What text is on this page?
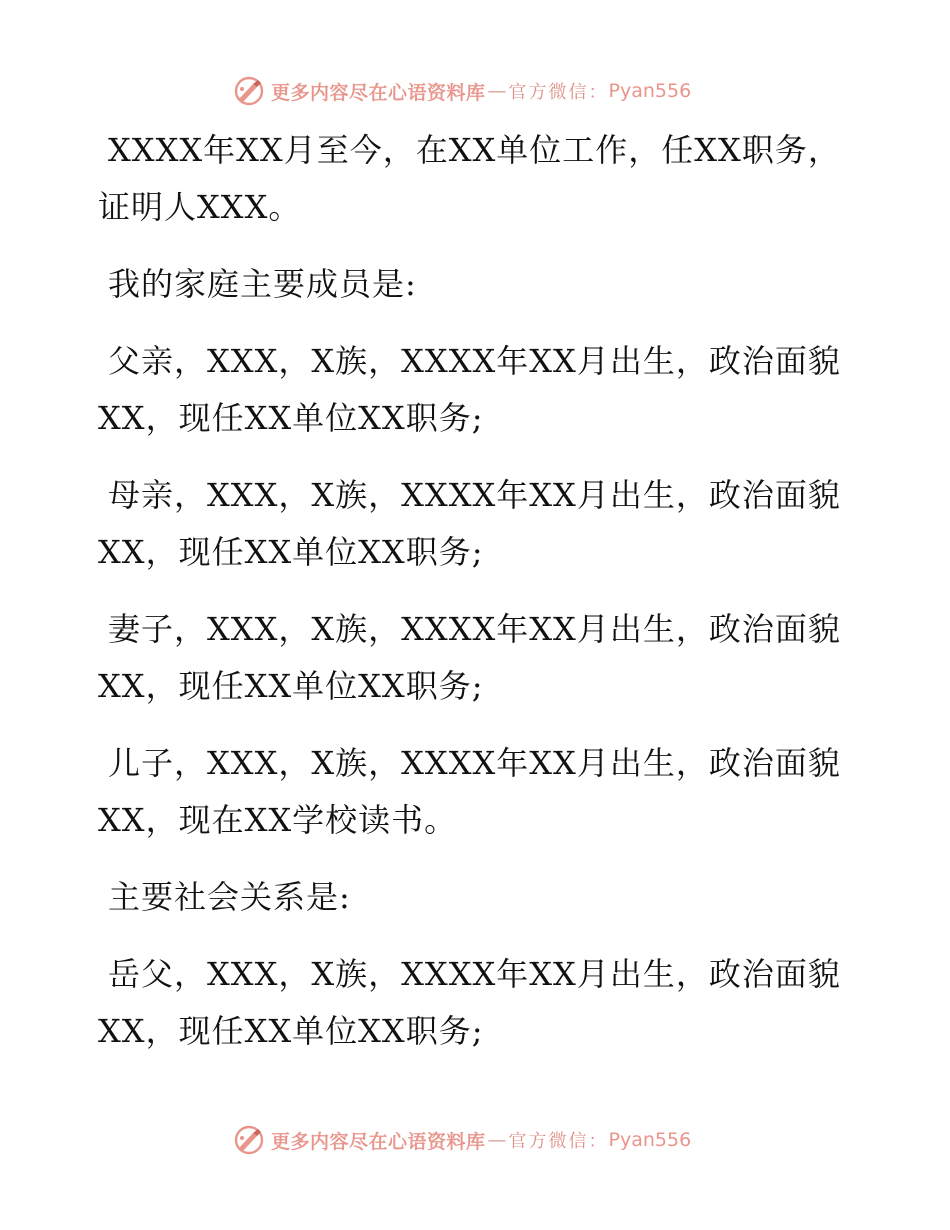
更多内容尽在心语资料库 — 官方微信： Pyan556

XXXX年XX月至今，在XX单位工作，任XX职务，
证明人XXX。

我的家庭主要成员是:

父亲，XXX，X族，XXXX年XX月出生，政治面貌
XX，现任XX单位XX职务;

母亲，XXX，X族，XXXX年XX月出生，政治面貌
XX，现任XX单位XX职务;

妻子，XXX，X族，XXXX年XX月出生，政治面貌
XX，现任XX单位XX职务;

儿子，XXX，X族，XXXX年XX月出生，政治面貌
XX，现在XX学校读书。

主要社会关系是:

岳父，XXX，X族，XXXX年XX月出生，政治面貌
XX，现任XX单位XX职务;

更多内容尽在心语资料库 — 官方微信： Pyan556
